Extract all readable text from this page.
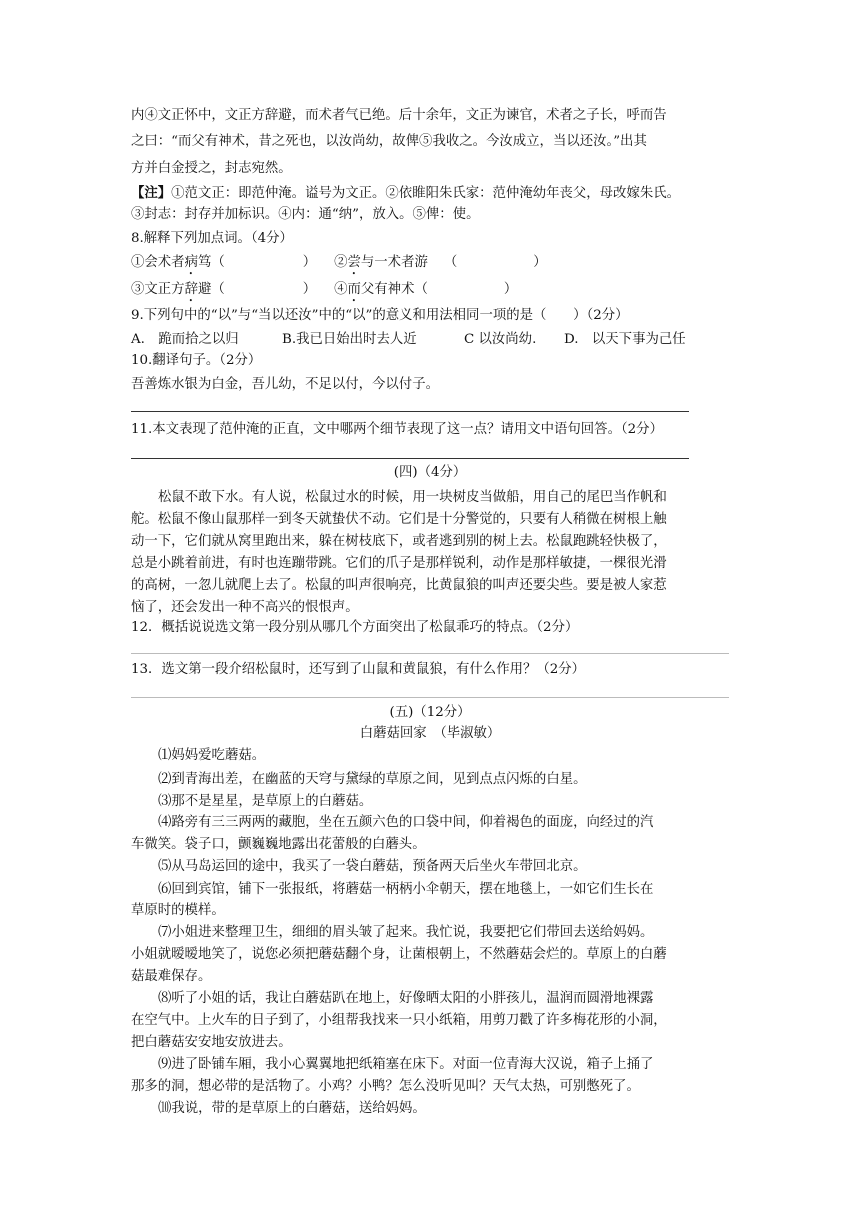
内④文正怀中，文正方辞避，而术者气已绝。后十余年，文正为谏官，术者之子长，呼而告
之曰：“而父有神术，昔之死也，以汝尚幼，故俾⑤我收之。今汝成立，当以还汝。”出其
方并白金授之，封志宛然。
【注】①范文正：即范仲淹。谥号为文正。②依睢阳朱氏家：范仲淹幼年丧父，母改嫁朱氏。
③封志：封存并加标识。④内：通“纳”，放入。⑤俾：使。
8.解释下列加点词。（4分）
①会术者病笃（	） ②尝与一术者游 （	）
③文正方辞避（	） ④而父有神术（	）
9.下列句中的“以”与“当以还汝”中的“以”的意义和用法相同一项的是（　　）（2分）
A.　跪而拾之以归	B.我已日始出时去人近	C 以汝尚幼. D.　以天下事为己任
10.翻译句子。（2分）
吾善炼水银为白金，吾儿幼，不足以付，今以付子。
11.本文表现了范仲淹的正直，文中哪两个细节表现了这一点？请用文中语句回答。（2分）
(四)（4分）
松鼠不敢下水。有人说，松鼠过水的时候，用一块树皮当做船，用自己的尾巴当作帆和
舵。松鼠不像山鼠那样一到冬天就蛰伏不动。它们是十分警觉的，只要有人稍微在树根上触
动一下，它们就从窝里跑出来，躲在树枝底下，或者逃到别的树上去。松鼠跑跳轻快极了，
总是小跳着前进，有时也连蹦带跳。它们的爪子是那样锐利，动作是那样敏捷，一棵很光滑
的高树，一忽儿就爬上去了。松鼠的叫声很响亮，比黄鼠狼的叫声还要尖些。要是被人家惹
恼了，还会发出一种不高兴的恨恨声。
12．概括说说选文第一段分别从哪几个方面突出了松鼠乖巧的特点。（2分）
13．选文第一段介绍松鼠时，还写到了山鼠和黄鼠狼，有什么作用？（2分）
(五)（12分）
白蘑菇回家　（毕淑敏）
⑴妈妈爱吃蘑菇。
⑵到青海出差，在幽蓝的天穹与黛绿的草原之间，见到点点闪烁的白星。
⑶那不是星星，是草原上的白蘑菇。
⑷路旁有三三两两的藏胞，坐在五颜六色的口袋中间，仰着褐色的面庞，向经过的汽
车微笑。袋子口，颤巍巍地露出花蕾般的白蘑头。
⑸从马岛运回的途中，我买了一袋白蘑菇，预备两天后坐火车带回北京。
⑹回到宾馆，铺下一张报纸，将蘑菇一柄柄小伞朝天，摆在地毯上，一如它们生长在
草原时的模样。
⑺小姐进来整理卫生，细细的眉头皱了起来。我忙说，我要把它们带回去送给妈妈。
小姐就暧暧地笑了，说您必须把蘑菇翻个身，让菌根朝上，不然蘑菇会烂的。草原上的白蘑
菇最难保存。
⑻听了小姐的话，我让白蘑菇趴在地上，好像晒太阳的小胖孩儿，温润而圆滑地裸露
在空气中。上火车的日子到了，小组帮我找来一只小纸箱，用剪刀戳了许多梅花形的小洞，
把白蘑菇安安地安放进去。
⑼进了卧铺车厢，我小心翼翼地把纸箱塞在床下。对面一位青海大汉说，箱子上捅了
那多的洞，想必带的是活物了。小鸡？小鸭？怎么没听见叫？天气太热，可别憋死了。
⑽我说，带的是草原上的白蘑菇，送给妈妈。
